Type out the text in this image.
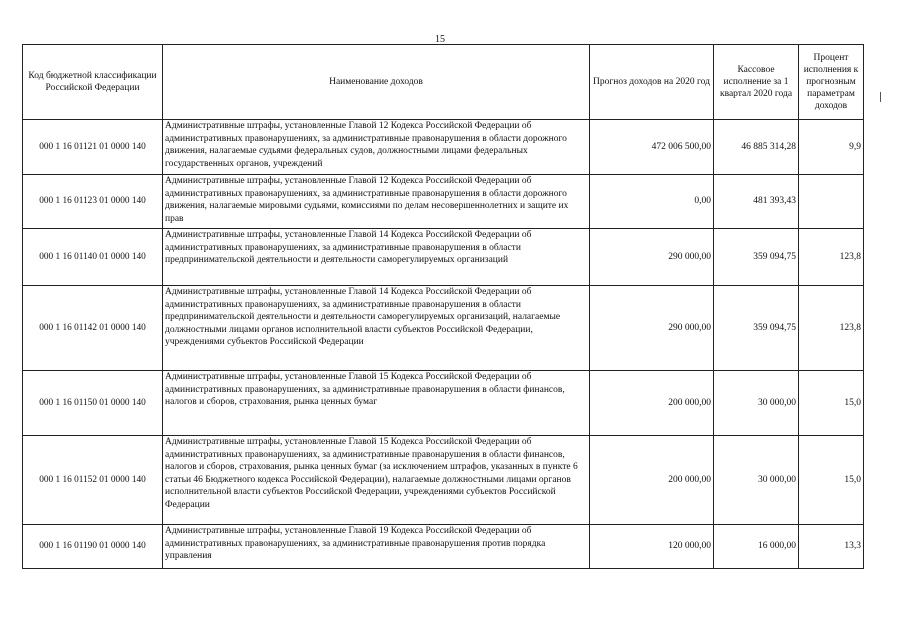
15
Код бюджетной классификации Российской Федерации	Наименование доходов	Прогноз доходов на 2020 год	Кассовое исполнение за 1 квартал 2020 года	Процент исполнения к прогнозным параметрам доходов
000 1 16 01121 01 0000 140	Административные штрафы, установленные Главой 12 Кодекса Российской Федерации об административных правонарушениях, за административные правонарушения в области дорожного движения, налагаемые судьями федеральных судов, должностными лицами федеральных государственных органов, учреждений	472 006 500,00	46 885 314,28	9,9
000 1 16 01123 01 0000 140	Административные штрафы, установленные Главой 12 Кодекса Российской Федерации об административных правонарушениях, за административные правонарушения в области дорожного движения, налагаемые мировыми судьями, комиссиями по делам несовершеннолетних и защите их прав	0,00	481 393,43	
000 1 16 01140 01 0000 140	Административные штрафы, установленные Главой 14 Кодекса Российской Федерации об административных правонарушениях, за административные правонарушения в области предпринимательской деятельности и деятельности саморегулируемых организаций	290 000,00	359 094,75	123,8
000 1 16 01142 01 0000 140	Административные штрафы, установленные Главой 14 Кодекса Российской Федерации об административных правонарушениях, за административные правонарушения в области предпринимательской деятельности и деятельности саморегулируемых организаций, налагаемые должностными лицами органов исполнительной власти субъектов Российской Федерации, учреждениями субъектов Российской Федерации	290 000,00	359 094,75	123,8
000 1 16 01150 01 0000 140	Административные штрафы, установленные Главой 15 Кодекса Российской Федерации об административных правонарушениях, за административные правонарушения в области финансов, налогов и сборов, страхования, рынка ценных бумаг	200 000,00	30 000,00	15,0
000 1 16 01152 01 0000 140	Административные штрафы, установленные Главой 15 Кодекса Российской Федерации об административных правонарушениях, за административные правонарушения в области финансов, налогов и сборов, страхования, рынка ценных бумаг (за исключением штрафов, указанных в пункте 6 статьи 46 Бюджетного кодекса Российской Федерации), налагаемые должностными лицами органов исполнительной власти субъектов Российской Федерации, учреждениями субъектов Российской Федерации	200 000,00	30 000,00	15,0
000 1 16 01190 01 0000 140	Административные штрафы, установленные Главой 19 Кодекса Российской Федерации об административных правонарушениях, за административные правонарушения против порядка управления	120 000,00	16 000,00	13,3
